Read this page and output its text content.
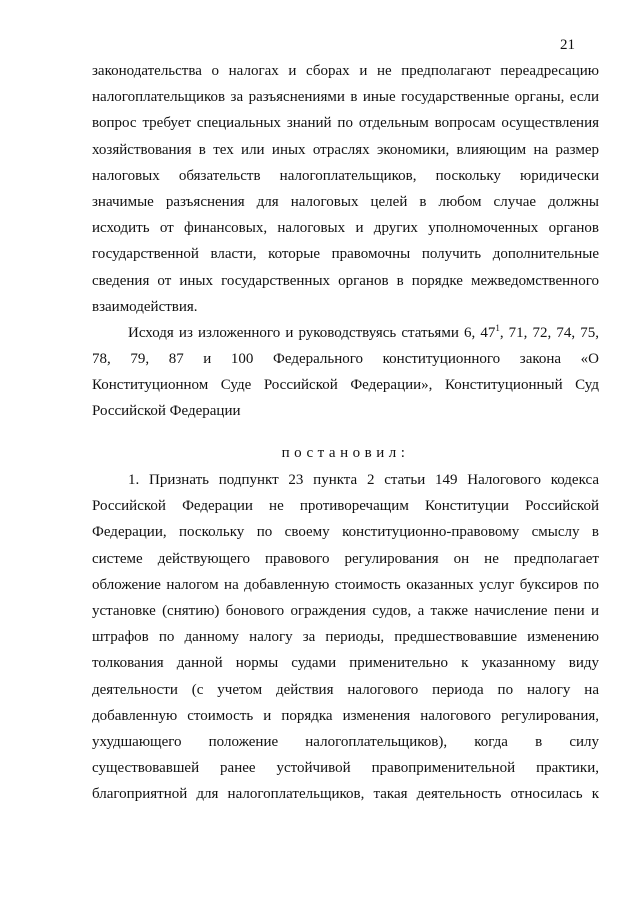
21
законодательства о налогах и сборах и не предполагают переадресацию
налогоплательщиков за разъяснениями в иные государственные органы, если
вопрос требует специальных знаний по отдельным вопросам осуществления
хозяйствования в тех или иных отраслях экономики, влияющим на размер
налоговых обязательств налогоплательщиков, поскольку юридически
значимые разъяснения для налоговых целей в любом случае должны
исходить от финансовых, налоговых и других уполномоченных органов
государственной власти, которые правомочны получить дополнительные
сведения от иных государственных органов в порядке межведомственного
взаимодействия.
Исходя из изложенного и руководствуясь статьями 6, $47^1$, 71, 72, 74, 75,
78, 79, 87 и 100 Федерального конституционного закона «О
Конституционном Суде Российской Федерации», Конституционный Суд
Российской Федерации
постановил:
1. Признать подпункт 23 пункта 2 статьи 149 Налогового кодекса
Российской Федерации не противоречащим Конституции Российской
Федерации, поскольку по своему конституционно-правовому смыслу в
системе действующего правового регулирования он не предполагает
обложение налогом на добавленную стоимость оказанных услуг буксиров по
установке (снятию) бонового ограждения судов, а также начисление пени и
штрафов по данному налогу за периоды, предшествовавшие изменению
толкования данной нормы судами применительно к указанному виду
деятельности (с учетом действия налогового периода по налогу на
добавленную стоимость и порядка изменения налогового регулирования,
ухудшающего положение налогоплательщиков), когда в силу
существовавшей ранее устойчивой правоприменительной практики,
благоприятной для налогоплательщиков, такая деятельность относилась к
